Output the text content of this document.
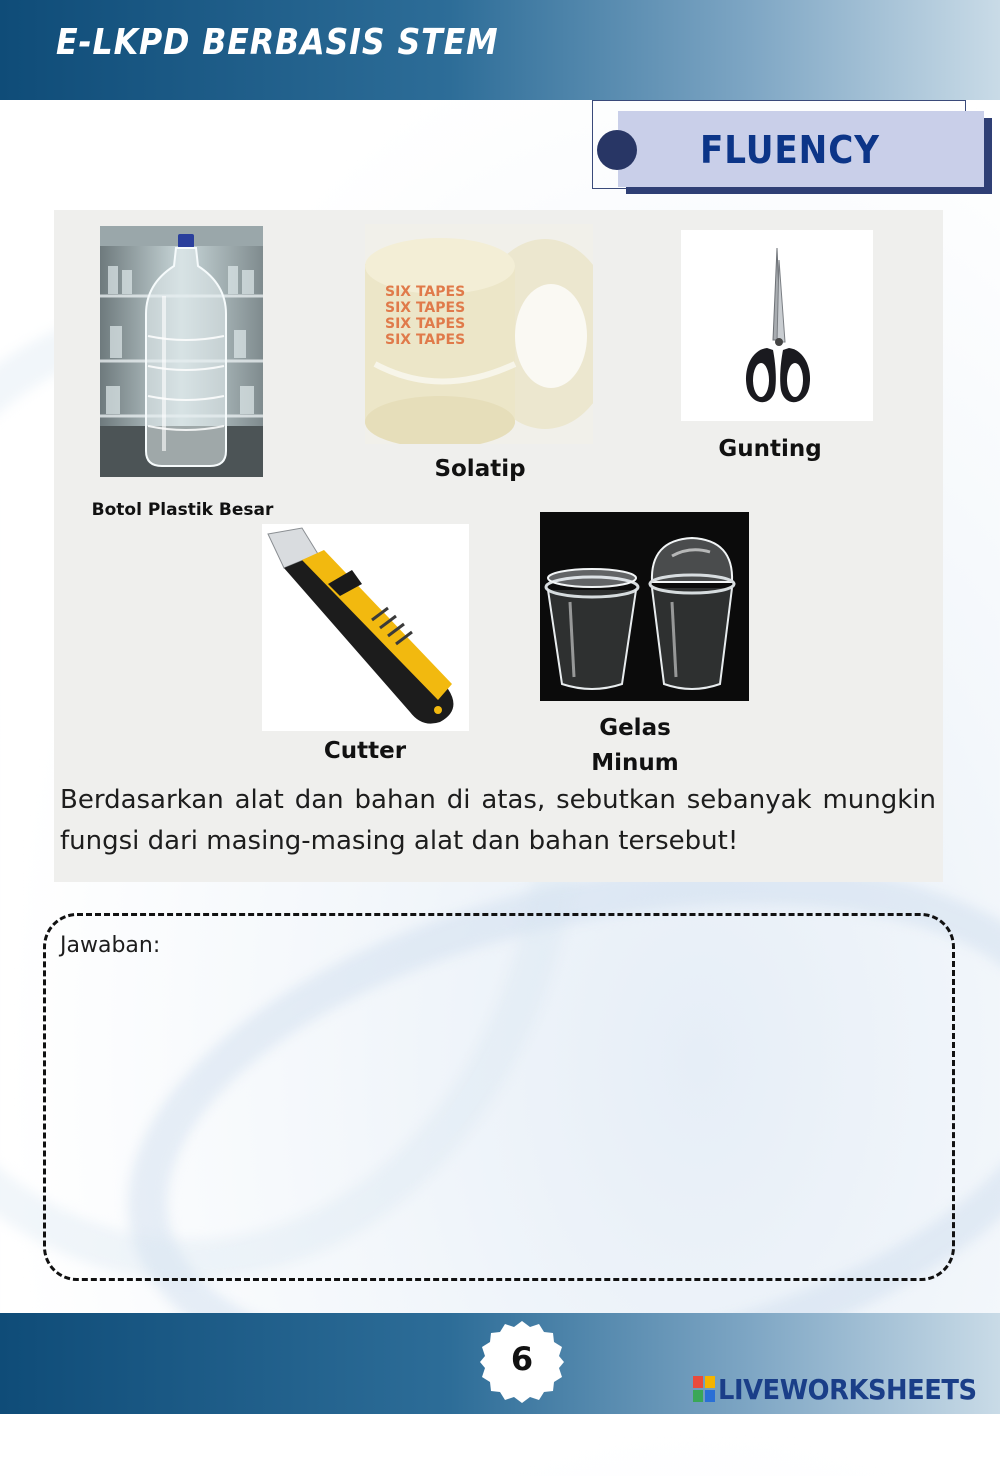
E-LKPD BERBASIS STEM
FLUENCY
Botol Plastik Besar
SIX TAPES
SIX TAPES
SIX TAPES
SIX TAPES
Solatip
Gunting
Cutter
Gelas
Minum
Berdasarkan alat dan bahan di atas, sebutkan sebanyak mungkin fungsi dari masing-masing alat dan bahan tersebut!
Jawaban:
6
LIVEWORKSHEETS
